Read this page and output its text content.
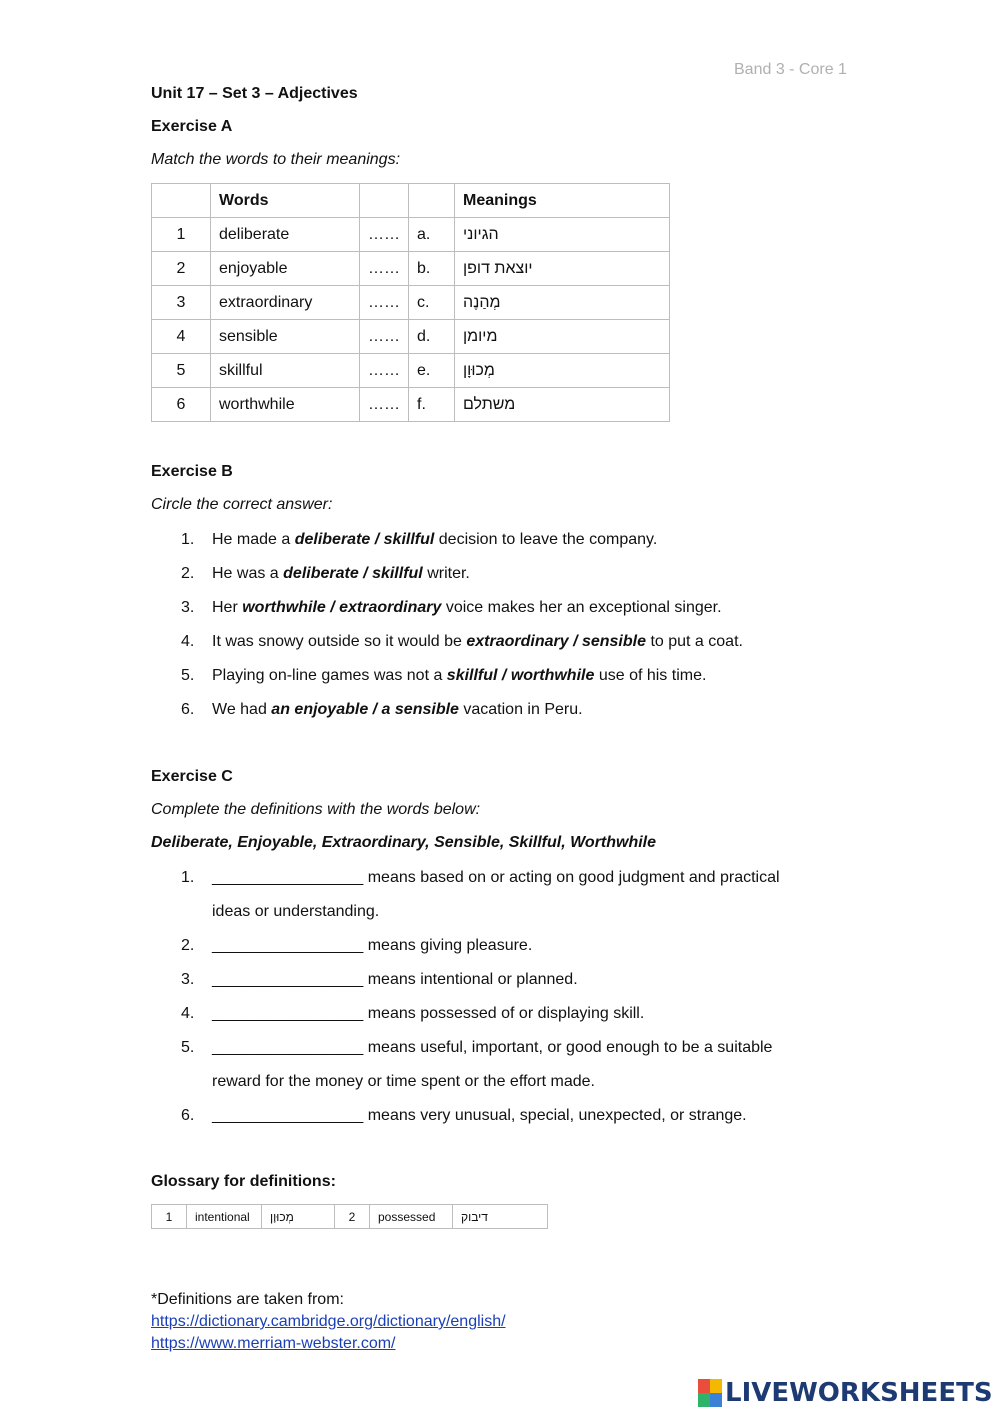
Band 3 - Core 1
Unit 17 – Set 3 – Adjectives
Exercise A
Match the words to their meanings:
	Words			Meanings
1	deliberate	……	a.	הגיוני
2	enjoyable	……	b.	יוצאת דופן
3	extraordinary	……	c.	מְהַנֶה
4	sensible	……	d.	מיומן
5	skillful	……	e.	מְכוּוָן
6	worthwhile	……	f.	משתלם
Exercise B
Circle the correct answer:
1.	He made a deliberate / skillful decision to leave the company.
2.	He was a deliberate / skillful writer.
3.	Her worthwhile / extraordinary voice makes her an exceptional singer.
4.	It was snowy outside so it would be extraordinary / sensible to put a coat.
5.	Playing on-line games was not a skillful / worthwhile use of his time.
6.	We had an enjoyable / a sensible vacation in Peru.
Exercise C
Complete the definitions with the words below:
Deliberate, Enjoyable, Extraordinary, Sensible, Skillful, Worthwhile
1.	_________________ means based on or acting on good judgment and practical
ideas or understanding.
2.	_________________ means giving pleasure.
3.	_________________ means intentional or planned.
4.	_________________ means possessed of or displaying skill.
5.	_________________ means useful, important, or good enough to be a suitable
reward for the money or time spent or the effort made.
6.	_________________ means very unusual, special, unexpected, or strange.
Glossary for definitions:
1	intentional	מְכוּוָן	2	possessed	דיבוק
*Definitions are taken from:
https://dictionary.cambridge.org/dictionary/english/
https://www.merriam-webster.com/
LIVEWORKSHEETS
